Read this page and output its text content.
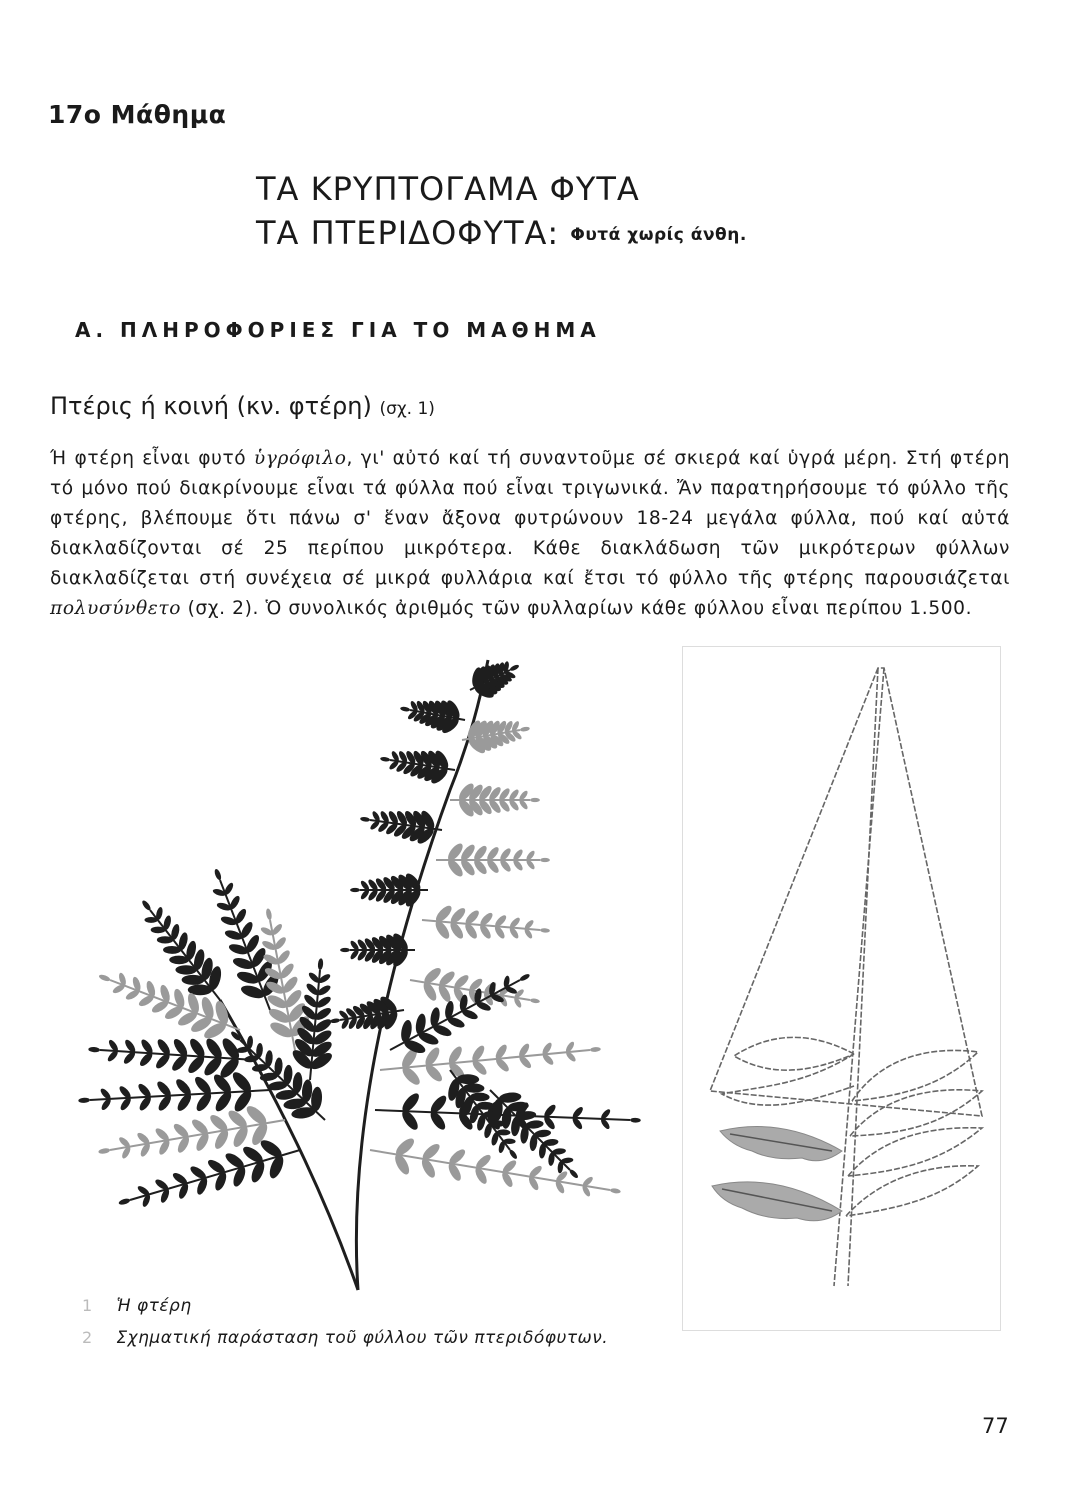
17ο Μάθημα
ΤΑ ΚΡΥΠΤΟΓΑΜΑ ΦΥΤΑ
ΤΑ ΠΤΕΡΙΔΟΦΥΤΑ: Φυτά χωρίς άνθη.
Α. ΠΛΗΡΟΦΟΡΙΕΣ ΓΙΑ ΤΟ ΜΑΘΗΜΑ
Πτέρις ή κοινή (κν. φτέρη) (σχ. 1)
Ή φτέρη εἶναι φυτό ὑγρόφιλο, γι' αὐτό καί τή συναντοῦμε σέ σκιερά καί ὑγρά μέρη. Στή φτέρη τό μόνο πού διακρίνουμε εἶναι τά φύλλα πού εἶναι τριγωνικά. Ἄν παρατηρήσουμε τό φύλλο τῆς φτέρης, βλέπουμε ὅτι πάνω σ' ἕναν ἄξονα φυτρώνουν 18-24 μεγάλα φύλλα, πού καί αὐτά διακλαδίζονται σέ 25 περίπου μικρότερα. Κάθε διακλάδωση τῶν μικρότερων φύλλων διακλαδίζεται στή συνέχεια σέ μικρά φυλλάρια καί ἔτσι τό φύλλο τῆς φτέρης παρουσιάζεται πολυσύνθετο (σχ. 2). Ὁ συνολικός ἀριθμός τῶν φυλλαρίων κάθε φύλλου εἶναι περίπου 1.500.
1 Ἡ φτέρη
2 Σχηματική παράσταση τοῦ φύλλου τῶν πτεριδόφυτων.
77
